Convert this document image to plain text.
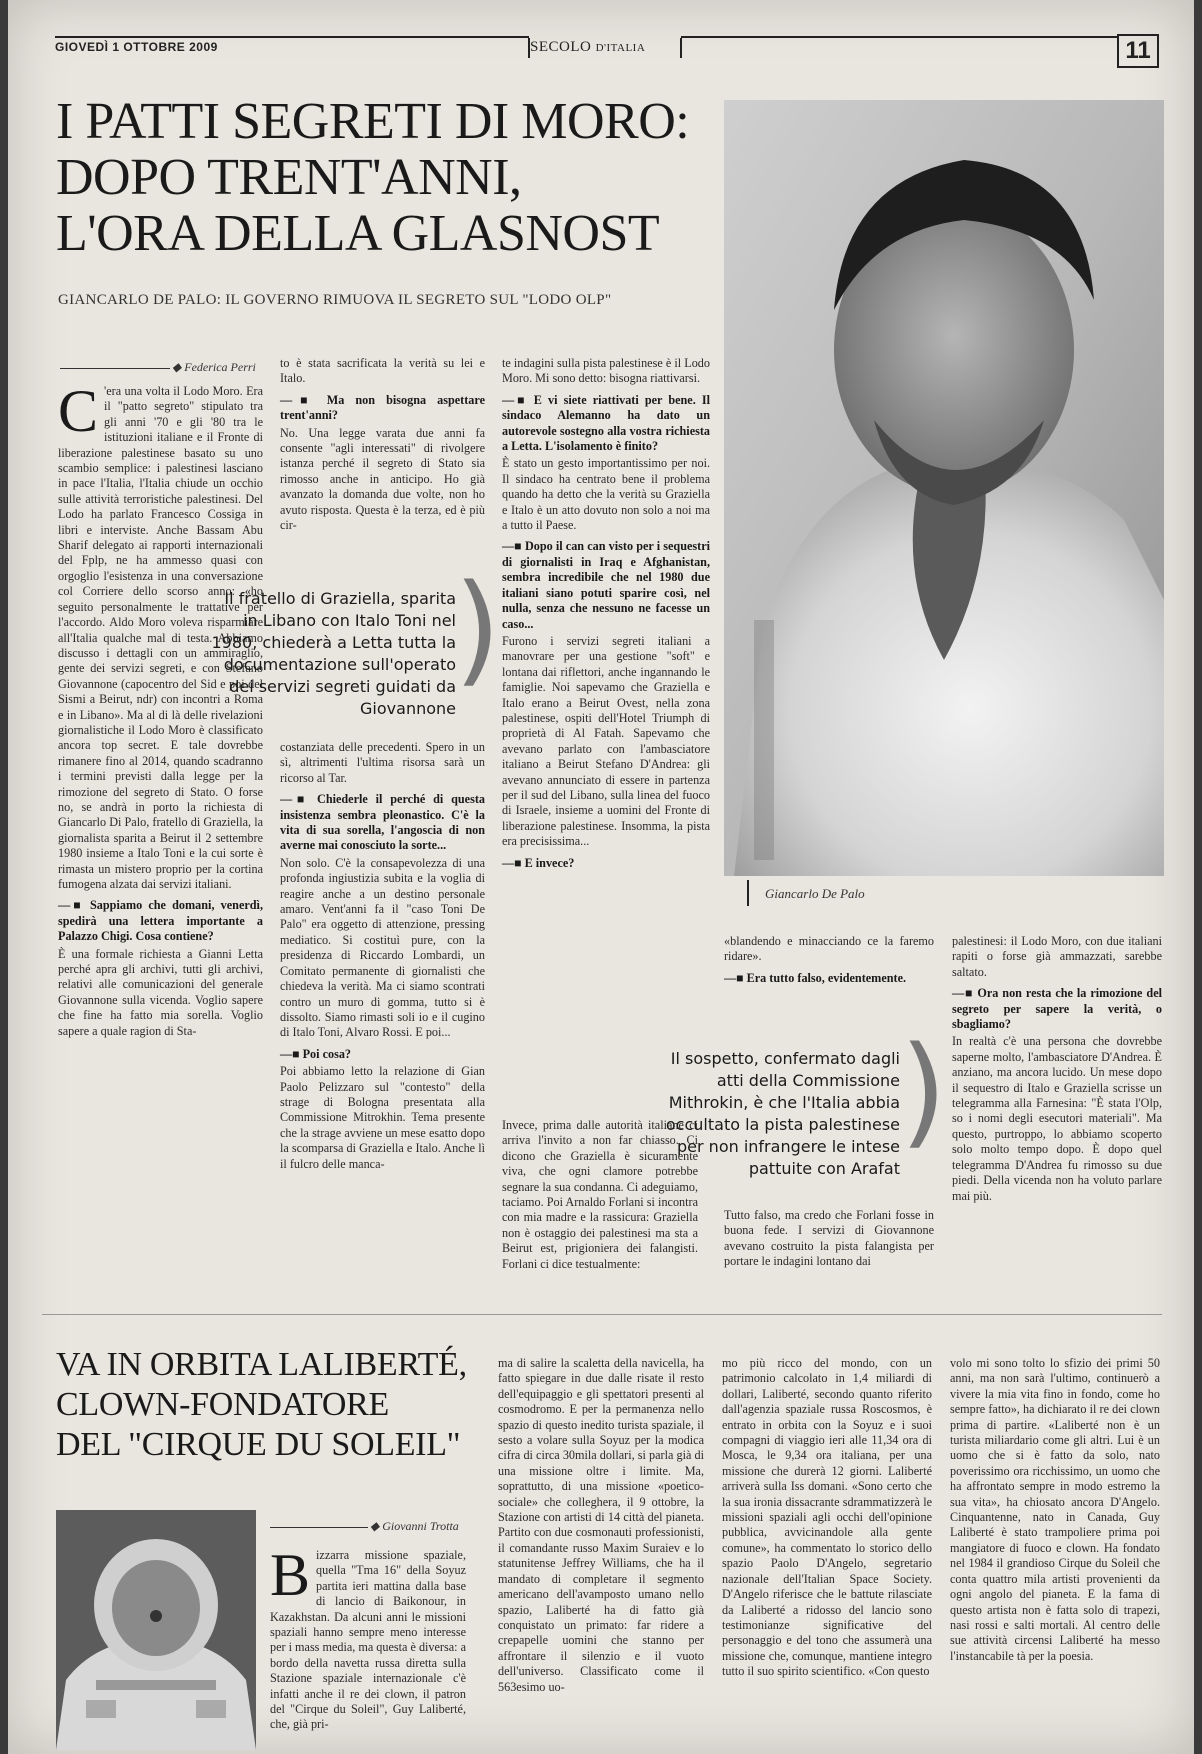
GIOVEDÌ 1 OTTOBRE 2009	SECOLO D'ITALIA	11
I PATTI SEGRETI DI MORO:
DOPO TRENT'ANNI,
L'ORA DELLA GLASNOST
GIANCARLO DE PALO: IL GOVERNO RIMUOVA IL SEGRETO SUL "LODO OLP"
Giancarlo De Palo
◆ Federica Perri

C 'era una volta il Lodo Moro. Era il "patto segreto" stipulato tra gli anni '70 e gli '80 tra le istituzioni italiane e il Fronte di liberazione palestinese basato su uno scambio semplice: i palestinesi lasciano in pace l'Italia, l'Italia chiude un occhio sulle attività terroristiche palestinesi. Del Lodo ha parlato Francesco Cossiga in libri e interviste. Anche Bassam Abu Sharif delegato ai rapporti internazionali del Fplp, ne ha ammesso quasi con orgoglio l'esistenza in una conversazione col Corriere dello scorso anno: «ho seguito personalmente le trattative per l'accordo. Aldo Moro voleva risparmiare all'Italia qualche mal di testa. Abbiamo discusso i dettagli con un ammiraglio, gente dei servizi segreti, e con Stefano Giovannone (capocentro del Sid e poi del Sismi a Beirut, ndr) con incontri a Roma e in Libano». Ma al di là delle rivelazioni giornalistiche il Lodo Moro è classificato ancora top secret. E tale dovrebbe rimanere fino al 2014, quando scadranno i termini previsti dalla legge per la rimozione del segreto di Stato. O forse no, se andrà in porto la richiesta di Giancarlo Di Palo, fratello di Graziella, la giornalista sparita a Beirut il 2 settembre 1980 insieme a Italo Toni e la cui sorte è rimasta un mistero proprio per la cortina fumogena alzata dai servizi italiani.

—■ Sappiamo che domani, venerdì, spedirà una lettera importante a Palazzo Chigi. Cosa contiene?

È una formale richiesta a Gianni Letta perché apra gli archivi, tutti gli archivi, relativi alle comunicazioni del generale Giovannone sulla vicenda. Voglio sapere che fine ha fatto mia sorella. Voglio sapere a quale ragion di Sta-

to è stata sacrificata la verità su lei e Italo.

—■ Ma non bisogna aspettare trent'anni?

No. Una legge varata due anni fa consente "agli interessati" di rivolgere istanza perché il segreto di Stato sia rimosso anche in anticipo. Ho già avanzato la domanda due volte, non ho avuto risposta. Questa è la terza, ed è più cir-

costanziata delle precedenti. Spero in un sì, altrimenti l'ultima risorsa sarà un ricorso al Tar.

—■ Chiederle il perché di questa insistenza sembra pleonastico. C'è la vita di sua sorella, l'angoscia di non averne mai conosciuto la sorte...

Non solo. C'è la consapevolezza di una profonda ingiustizia subita e la voglia di reagire anche a un destino personale amaro. Vent'anni fa il "caso Toni De Palo" era oggetto di attenzione, pressing mediatico. Si costituì pure, con la presidenza di Riccardo Lombardi, un Comitato permanente di giornalisti che chiedeva la verità. Ma ci siamo scontrati contro un muro di gomma, tutto si è dissolto. Siamo rimasti soli io e il cugino di Italo Toni, Alvaro Rossi. E poi...

—■ Poi cosa?

Poi abbiamo letto la relazione di Gian Paolo Pelizzaro sul "contesto" della strage di Bologna presentata alla Commissione Mitrokhin. Tema presente che la strage avviene un mese esatto dopo la scomparsa di Graziella e Italo. Anche lì il fulcro delle manca-

te indagini sulla pista palestinese è il Lodo Moro. Mi sono detto: bisogna riattivarsi.

—■ E vi siete riattivati per bene. Il sindaco Alemanno ha dato un autorevole sostegno alla vostra richiesta a Letta. L'isolamento è finito?

È stato un gesto importantissimo per noi. Il sindaco ha centrato bene il problema quando ha detto che la verità su Graziella e Italo è un atto dovuto non solo a noi ma a tutto il Paese.

—■ Dopo il can can visto per i sequestri di giornalisti in Iraq e Afghanistan, sembra incredibile che nel 1980 due italiani siano potuti sparire così, nel nulla, senza che nessuno ne facesse un caso...

Furono i servizi segreti italiani a manovrare per una gestione "soft" e lontana dai riflettori, anche ingannando le famiglie. Noi sapevamo che Graziella e Italo erano a Beirut Ovest, nella zona palestinese, ospiti dell'Hotel Triumph di proprietà di Al Fatah. Sapevamo che avevano parlato con l'ambasciatore italiano a Beirut Stefano D'Andrea: gli avevano annunciato di essere in partenza per il sud del Libano, sulla linea del fuoco di Israele, insieme a uomini del Fronte di liberazione palestinese. Insomma, la pista era precisissima...

—■ E invece?

Invece, prima dalle autorità italiane ci arriva l'invito a non far chiasso. Ci dicono che Graziella è sicuramente viva, che ogni clamore potrebbe segnare la sua condanna. Ci adeguiamo, taciamo. Poi Arnaldo Forlani si incontra con mia madre e la rassicura: Graziella non è ostaggio dei palestinesi ma sta a Beirut est, prigioniera dei falangisti. Forlani ci dice testualmente:

«blandendo e minacciando ce la faremo ridare».

—■ Era tutto falso, evidentemente.

Tutto falso, ma credo che Forlani fosse in buona fede. I servizi di Giovannone avevano costruito la pista falangista per portare le indagini lontano dai

palestinesi: il Lodo Moro, con due italiani rapiti o forse già ammazzati, sarebbe saltato.

—■ Ora non resta che la rimozione del segreto per sapere la verità, o sbagliamo?

In realtà c'è una persona che dovrebbe saperne molto, l'ambasciatore D'Andrea. È anziano, ma ancora lucido. Un mese dopo il sequestro di Italo e Graziella scrisse un telegramma alla Farnesina: "È stata l'Olp, so i nomi degli esecutori materiali". Ma questo, purtroppo, lo abbiamo scoperto solo molto tempo dopo. È dopo quel telegramma D'Andrea fu rimosso su due piedi. Della vicenda non ha voluto parlare mai più.

Il fratello di Graziella, sparita in Libano con Italo Toni nel 1980, chiederà a Letta tutta la documentazione sull'operato dei servizi segreti guidati da Giovannone

)

Il sospetto, confermato dagli atti della Commissione Mithrokin, è che l'Italia abbia occultato la pista palestinese per non infrangere le intese pattuite con Arafat

)
VA IN ORBITA LALIBERTÉ,
CLOWN-FONDATORE
DEL "CIRQUE DU SOLEIL"
◆ Giovanni Trotta

Bizzarra missione spaziale, quella "Tma 16" della Soyuz partita ieri mattina dalla base di lancio di Baikonour, in Kazakhstan. Da alcuni anni le missioni spaziali hanno sempre meno interesse per i mass media, ma questa è diversa: a bordo della navetta russa diretta sulla Stazione spaziale internazionale c'è infatti anche il re dei clown, il patron del "Cirque du Soleil", Guy Laliberté, che, già pri-

ma di salire la scaletta della navicella, ha fatto spiegare in due dalle risate il resto dell'equipaggio e gli spettatori presenti al cosmodromo. E per la permanenza nello spazio di questo inedito turista spaziale, il sesto a volare sulla Soyuz per la modica cifra di circa 30mila dollari, si parla già di una missione oltre i limite. Ma, soprattutto, di una missione «poetico-sociale» che colleghera, il 9 ottobre, la Stazione con artisti di 14 città del pianeta. Partito con due cosmonauti professionisti, il comandante russo Maxim Suraiev e lo statunitense Jeffrey Williams, che ha il mandato di completare il segmento americano dell'avamposto umano nello spazio, Laliberté ha di fatto già conquistato un primato: far ridere a crepapelle uomini che stanno per affrontare il silenzio e il vuoto dell'universo. Classificato come il 563esimo uo-

mo più ricco del mondo, con un patrimonio calcolato in 1,4 miliardi di dollari, Laliberté, secondo quanto riferito dall'agenzia spaziale russa Roscosmos, è entrato in orbita con la Soyuz e i suoi compagni di viaggio ieri alle 11,34 ora di Mosca, le 9,34 ora italiana, per una missione che durerà 12 giorni. Laliberté arriverà sulla Iss domani. «Sono certo che la sua ironia dissacrante sdrammatizzerà le missioni spaziali agli occhi dell'opinione pubblica, avvicinandole alla gente comune», ha commentato lo storico dello spazio Paolo D'Angelo, segretario nazionale dell'Italian Space Society. D'Angelo riferisce che le battute rilasciate da Laliberté a ridosso del lancio sono testimonianze significative del personaggio e del tono che assumerà una missione che, comunque, mantiene integro tutto il suo spirito scientifico. «Con questo

volo mi sono tolto lo sfizio dei primi 50 anni, ma non sarà l'ultimo, continuerò a vivere la mia vita fino in fondo, come ho sempre fatto», ha dichiarato il re dei clown prima di partire. «Laliberté non è un turista miliardario come gli altri. Lui è un uomo che si è fatto da solo, nato poverissimo ora ricchissimo, un uomo che ha affrontato sempre in modo estremo la sua vita», ha chiosato ancora D'Angelo. Cinquantenne, nato in Canada, Guy Laliberté è stato trampoliere prima poi mangiatore di fuoco e clown. Ha fondato nel 1984 il grandioso Cirque du Soleil che conta quattro mila artisti provenienti da ogni angolo del pianeta. E la fama di questo artista non è fatta solo di trapezi, nasi rossi e salti mortali. Al centro delle sue attività circensi Laliberté ha messo l'instancabile tà per la poesia.
